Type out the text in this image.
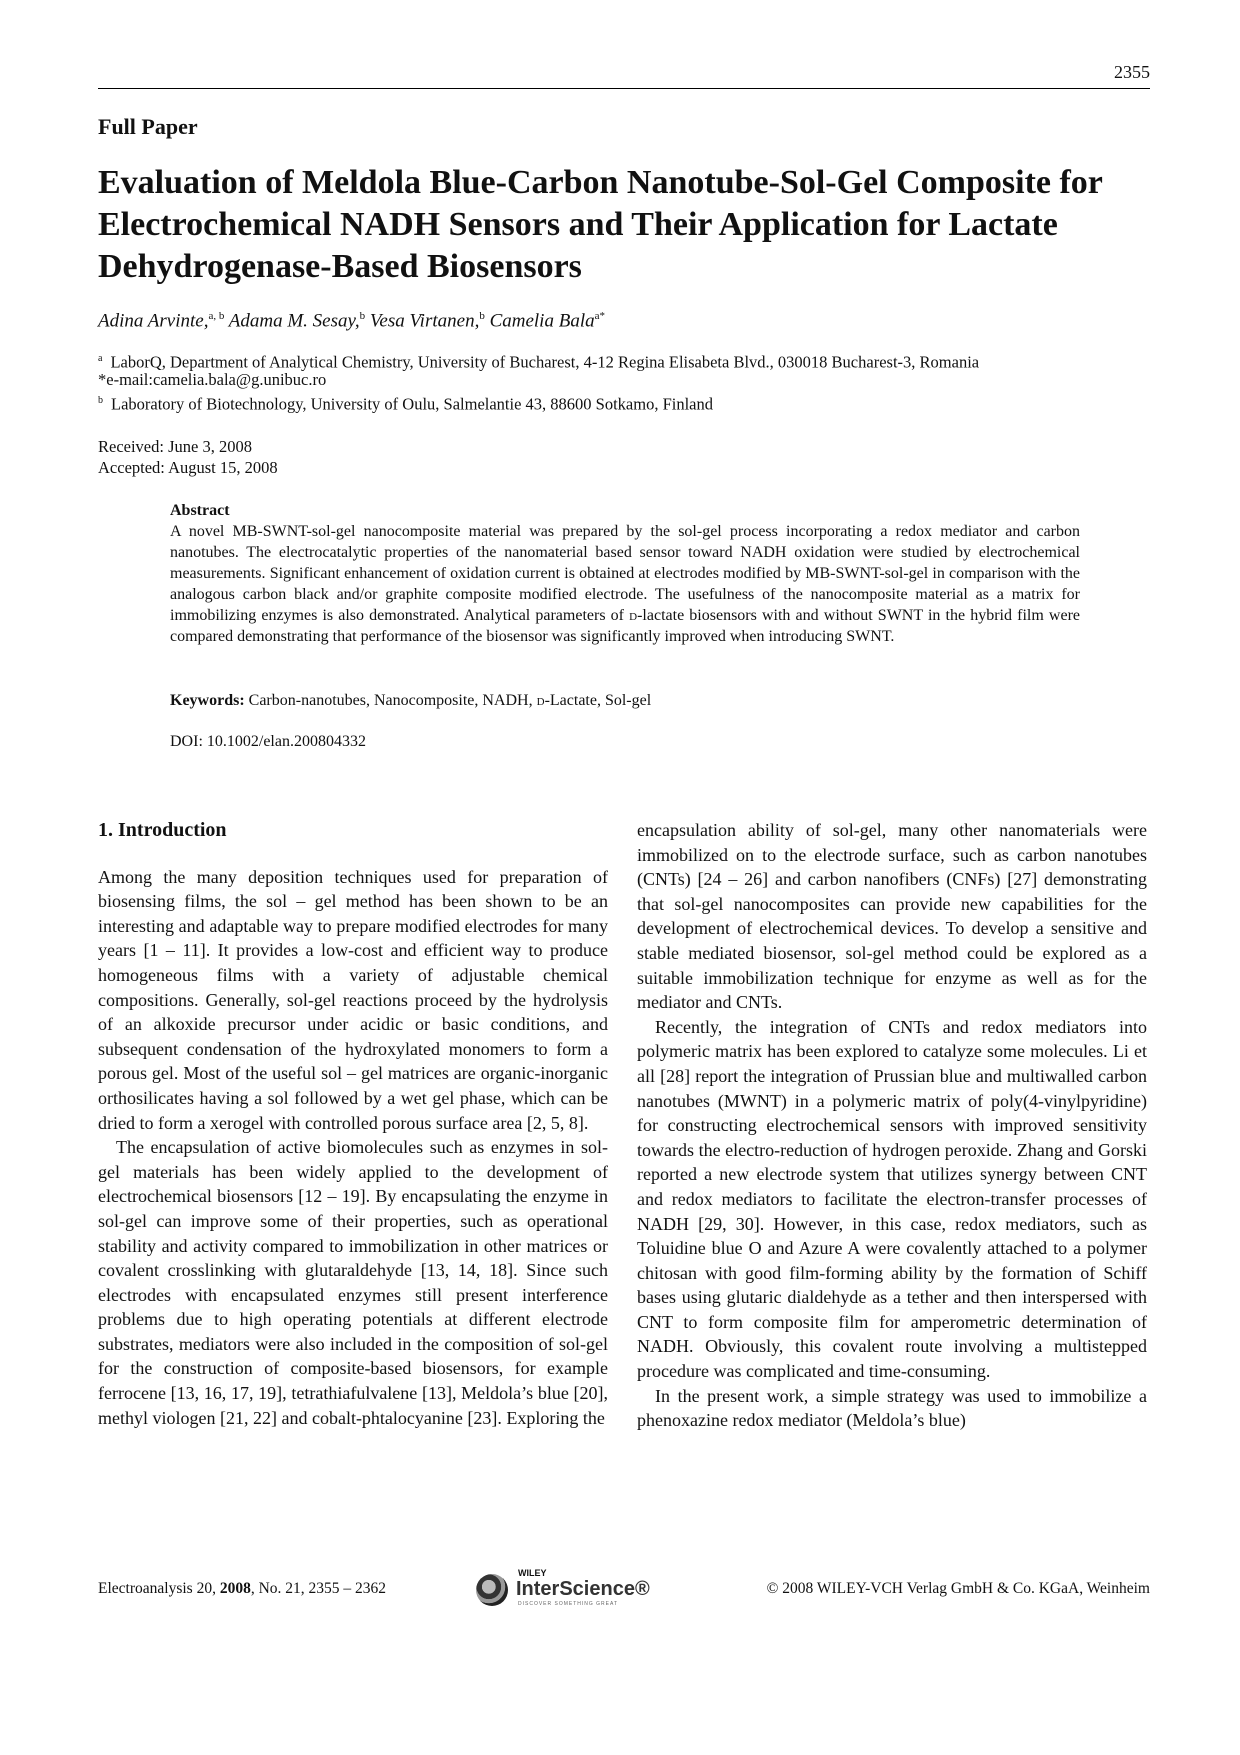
2355
Full Paper
Evaluation of Meldola Blue-Carbon Nanotube-Sol-Gel Composite for Electrochemical NADH Sensors and Their Application for Lactate Dehydrogenase-Based Biosensors
Adina Arvinte,$^{a, b}$ Adama M. Sesay,$^b$ Vesa Virtanen,$^b$ Camelia Bala$^{a*}$
$^a$ LaborQ, Department of Analytical Chemistry, University of Bucharest, 4-12 Regina Elisabeta Blvd., 030018 Bucharest-3, Romania
*e-mail:camelia.bala@g.unibuc.ro
$^b$ Laboratory of Biotechnology, University of Oulu, Salmelantie 43, 88600 Sotkamo, Finland
Received: June 3, 2008
Accepted: August 15, 2008
Abstract
A novel MB-SWNT-sol-gel nanocomposite material was prepared by the sol-gel process incorporating a redox mediator and carbon nanotubes. The electrocatalytic properties of the nanomaterial based sensor toward NADH oxidation were studied by electrochemical measurements. Significant enhancement of oxidation current is obtained at electrodes modified by MB-SWNT-sol-gel in comparison with the analogous carbon black and/or graphite composite modified electrode. The usefulness of the nanocomposite material as a matrix for immobilizing enzymes is also demonstrated. Analytical parameters of d-lactate biosensors with and without SWNT in the hybrid film were compared demonstrating that performance of the biosensor was significantly improved when introducing SWNT.
Keywords: Carbon-nanotubes, Nanocomposite, NADH, d-Lactate, Sol-gel
DOI: 10.1002/elan.200804332
1. Introduction

Among the many deposition techniques used for preparation of biosensing films, the sol – gel method has been shown to be an interesting and adaptable way to prepare modified electrodes for many years [1 – 11]. It provides a low-cost and efficient way to produce homogeneous films with a variety of adjustable chemical compositions. Generally, sol-gel reactions proceed by the hydrolysis of an alkoxide precursor under acidic or basic conditions, and subsequent condensation of the hydroxylated monomers to form a porous gel. Most of the useful sol – gel matrices are organic-inorganic orthosilicates having a sol followed by a wet gel phase, which can be dried to form a xerogel with controlled porous surface area [2, 5, 8].

The encapsulation of active biomolecules such as enzymes in sol-gel materials has been widely applied to the development of electrochemical biosensors [12 – 19]. By encapsulating the enzyme in sol-gel can improve some of their properties, such as operational stability and activity compared to immobilization in other matrices or covalent crosslinking with glutaraldehyde [13, 14, 18]. Since such electrodes with encapsulated enzymes still present interference problems due to high operating potentials at different electrode substrates, mediators were also included in the composition of sol-gel for the construction of composite-based biosensors, for example ferrocene [13, 16, 17, 19], tetrathiafulvalene [13], Meldola’s blue [20], methyl viologen [21, 22] and cobalt-phtalocyanine [23]. Exploring the

encapsulation ability of sol-gel, many other nanomaterials were immobilized on to the electrode surface, such as carbon nanotubes (CNTs) [24 – 26] and carbon nanofibers (CNFs) [27] demonstrating that sol-gel nanocomposites can provide new capabilities for the development of electrochemical devices. To develop a sensitive and stable mediated biosensor, sol-gel method could be explored as a suitable immobilization technique for enzyme as well as for the mediator and CNTs.

Recently, the integration of CNTs and redox mediators into polymeric matrix has been explored to catalyze some molecules. Li et all [28] report the integration of Prussian blue and multiwalled carbon nanotubes (MWNT) in a polymeric matrix of poly(4-vinylpyridine) for constructing electrochemical sensors with improved sensitivity towards the electro-reduction of hydrogen peroxide. Zhang and Gorski reported a new electrode system that utilizes synergy between CNT and redox mediators to facilitate the electron-transfer processes of NADH [29, 30]. However, in this case, redox mediators, such as Toluidine blue O and Azure A were covalently attached to a polymer chitosan with good film-forming ability by the formation of Schiff bases using glutaric dialdehyde as a tether and then interspersed with CNT to form composite film for amperometric determination of NADH. Obviously, this covalent route involving a multistepped procedure was complicated and time-consuming.

In the present work, a simple strategy was used to immobilize a phenoxazine redox mediator (Meldola’s blue)

Electroanalysis 20, 2008, No. 21, 2355 – 2362
WILEY
InterScience®
DISCOVER SOMETHING GREAT
© 2008 WILEY-VCH Verlag GmbH & Co. KGaA, Weinheim
